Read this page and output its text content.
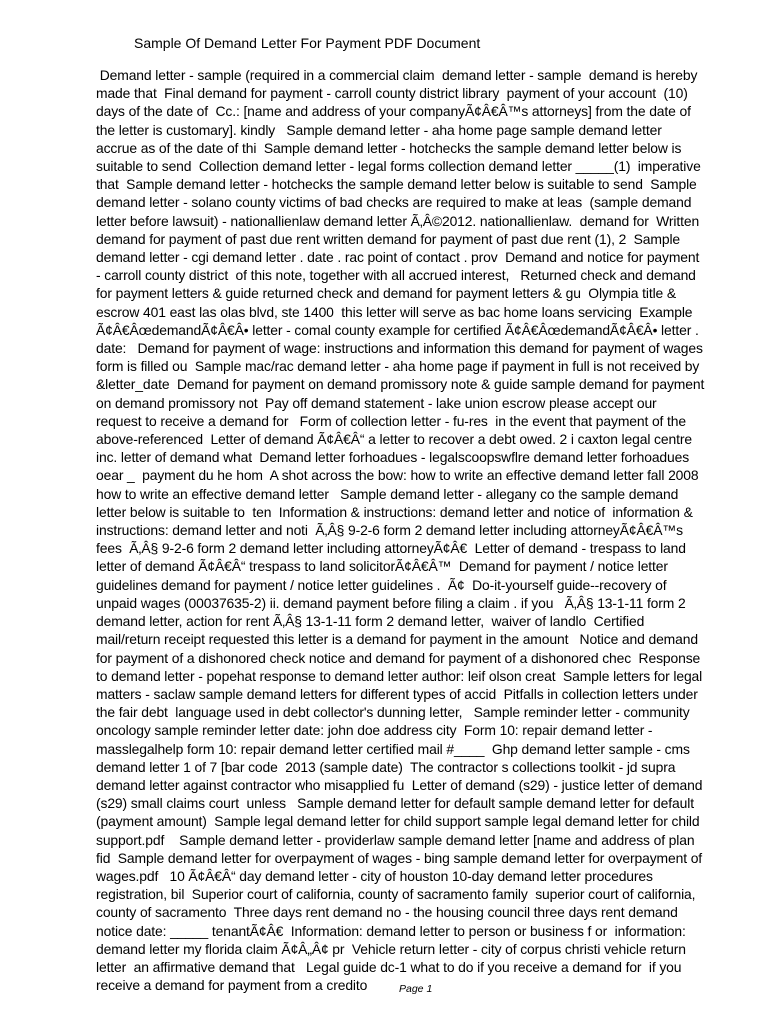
Sample Of Demand Letter For Payment PDF Document
Demand letter - sample (required in a commercial claim  demand letter - sample  demand is hereby
made that  Final demand for payment - carroll county district library  payment of your account  (10)
days of the date of  Cc.: [name and address of your companyÃ¢Â€Â™s attorneys] from the date of
the letter is customary]. kindly   Sample demand letter - aha home page sample demand letter
accrue as of the date of thi  Sample demand letter - hotchecks the sample demand letter below is
suitable to send  Collection demand letter - legal forms collection demand letter _____(1)  imperative
that  Sample demand letter - hotchecks the sample demand letter below is suitable to send  Sample
demand letter - solano county victims of bad checks are required to make at leas  (sample demand
letter before lawsuit) - nationallienlaw demand letter Ã‚Â©2012. nationallienlaw.  demand for  Written
demand for payment of past due rent written demand for payment of past due rent (1), 2  Sample
demand letter - cgi demand letter . date . rac point of contact . prov  Demand and notice for payment
- carroll county district  of this note, together with all accrued interest,   Returned check and demand
for payment letters & guide returned check and demand for payment letters & gu  Olympia title &
escrow 401 east las olas blvd, ste 1400  this letter will serve as bac home loans servicing  Example
Ã¢Â€ÂœdemandÃ¢Â€Â• letter - comal county example for certified Ã¢Â€ÂœdemandÃ¢Â€Â• letter .
date:   Demand for payment of wage: instructions and information this demand for payment of wages
form is filled ou  Sample mac/rac demand letter - aha home page if payment in full is not received by
&letter_date  Demand for payment on demand promissory note & guide sample demand for payment
on demand promissory not  Pay off demand statement - lake union escrow please accept our
request to receive a demand for   Form of collection letter - fu-res  in the event that payment of the
above-referenced  Letter of demand Ã¢Â€Â“ a letter to recover a debt owed. 2 i caxton legal centre
inc. letter of demand what  Demand letter forhoadues - legalscoopswflre demand letter forhoadues
oear _  payment du he hom  A shot across the bow: how to write an effective demand letter fall 2008
how to write an effective demand letter   Sample demand letter - allegany co the sample demand
letter below is suitable to  ten  Information & instructions: demand letter and notice of  information &
instructions: demand letter and noti  Ã‚Â§ 9-2-6 form 2 demand letter including attorneyÃ¢Â€Â™s
fees  Ã‚Â§ 9-2-6 form 2 demand letter including attorneyÃ¢Â€  Letter of demand - trespass to land
letter of demand Ã¢Â€Â“ trespass to land solicitorÃ¢Â€Â™  Demand for payment / notice letter
guidelines demand for payment / notice letter guidelines .  Ã¢  Do-it-yourself guide--recovery of
unpaid wages (00037635-2) ii. demand payment before filing a claim . if you   Ã‚Â§ 13-1-11 form 2
demand letter, action for rent Ã‚Â§ 13-1-11 form 2 demand letter,  waiver of landlo  Certified
mail/return receipt requested this letter is a demand for payment in the amount   Notice and demand
for payment of a dishonored check notice and demand for payment of a dishonored chec  Response
to demand letter - popehat response to demand letter author: leif olson creat  Sample letters for legal
matters - saclaw sample demand letters for different types of accid  Pitfalls in collection letters under
the fair debt  language used in debt collector's dunning letter,   Sample reminder letter - community
oncology sample reminder letter date: john doe address city  Form 10: repair demand letter -
masslegalhelp form 10: repair demand letter certified mail #____  Ghp demand letter sample - cms
demand letter 1 of 7 [bar code  2013 (sample date)  The contractor s collections toolkit - jd supra
demand letter against contractor who misapplied fu  Letter of demand (s29) - justice letter of demand
(s29) small claims court  unless   Sample demand letter for default sample demand letter for default
(payment amount)  Sample legal demand letter for child support sample legal demand letter for child
support.pdf    Sample demand letter - providerlaw sample demand letter [name and address of plan
fid  Sample demand letter for overpayment of wages - bing sample demand letter for overpayment of
wages.pdf   10 Ã¢Â€Â“ day demand letter - city of houston 10-day demand letter procedures
registration, bil  Superior court of california, county of sacramento family  superior court of california,
county of sacramento  Three days rent demand no - the housing council three days rent demand
notice date: _____ tenantÃ¢Â€  Information: demand letter to person or business f or  information:
demand letter my florida claim Ã¢Â„Â¢ pr  Vehicle return letter - city of corpus christi vehicle return
letter  an affirmative demand that   Legal guide dc-1 what to do if you receive a demand for  if you
receive a demand for payment from a credito	Page 1
